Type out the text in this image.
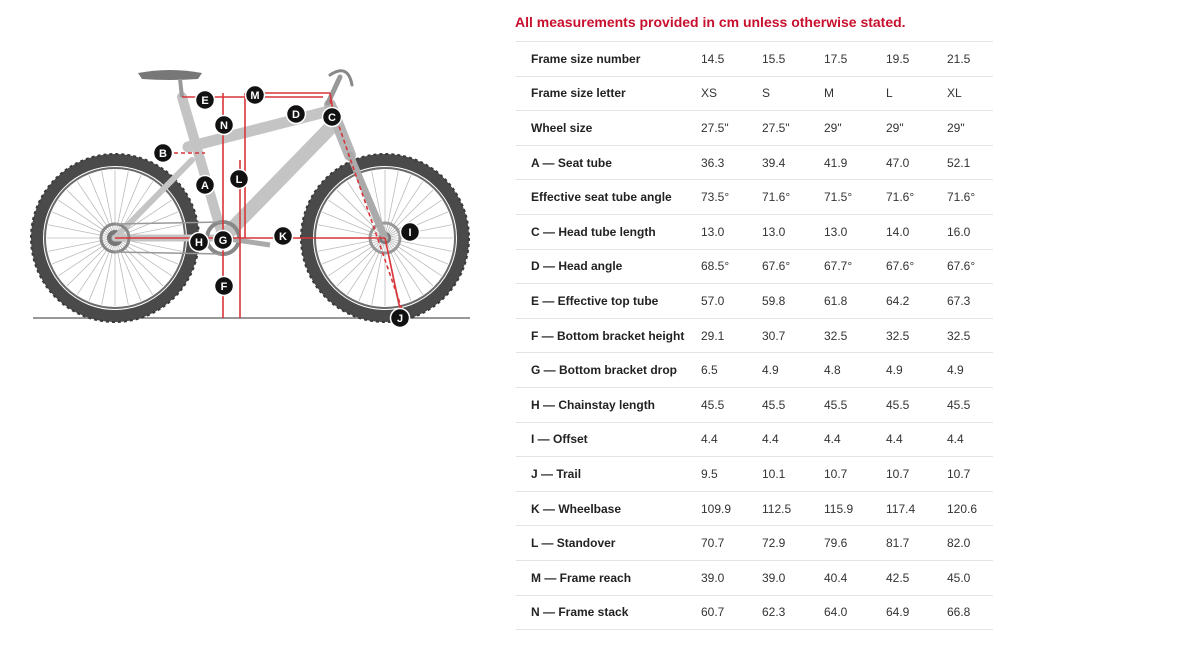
All measurements provided in cm unless otherwise stated.
A
B
C
D
E
F
G
H
I
J
K
L
M
N
Frame size number	14.5	15.5	17.5	19.5	21.5
Frame size letter	XS	S	M	L	XL
Wheel size	27.5"	27.5"	29"	29"	29"
A — Seat tube	36.3	39.4	41.9	47.0	52.1
Effective seat tube angle	73.5°	71.6°	71.5°	71.6°	71.6°
C — Head tube length	13.0	13.0	13.0	14.0	16.0
D — Head angle	68.5°	67.6°	67.7°	67.6°	67.6°
E — Effective top tube	57.0	59.8	61.8	64.2	67.3
F — Bottom bracket height	29.1	30.7	32.5	32.5	32.5
G — Bottom bracket drop	6.5	4.9	4.8	4.9	4.9
H — Chainstay length	45.5	45.5	45.5	45.5	45.5
I — Offset	4.4	4.4	4.4	4.4	4.4
J — Trail	9.5	10.1	10.7	10.7	10.7
K — Wheelbase	109.9	112.5	115.9	117.4	120.6
L — Standover	70.7	72.9	79.6	81.7	82.0
M — Frame reach	39.0	39.0	40.4	42.5	45.0
N — Frame stack	60.7	62.3	64.0	64.9	66.8
